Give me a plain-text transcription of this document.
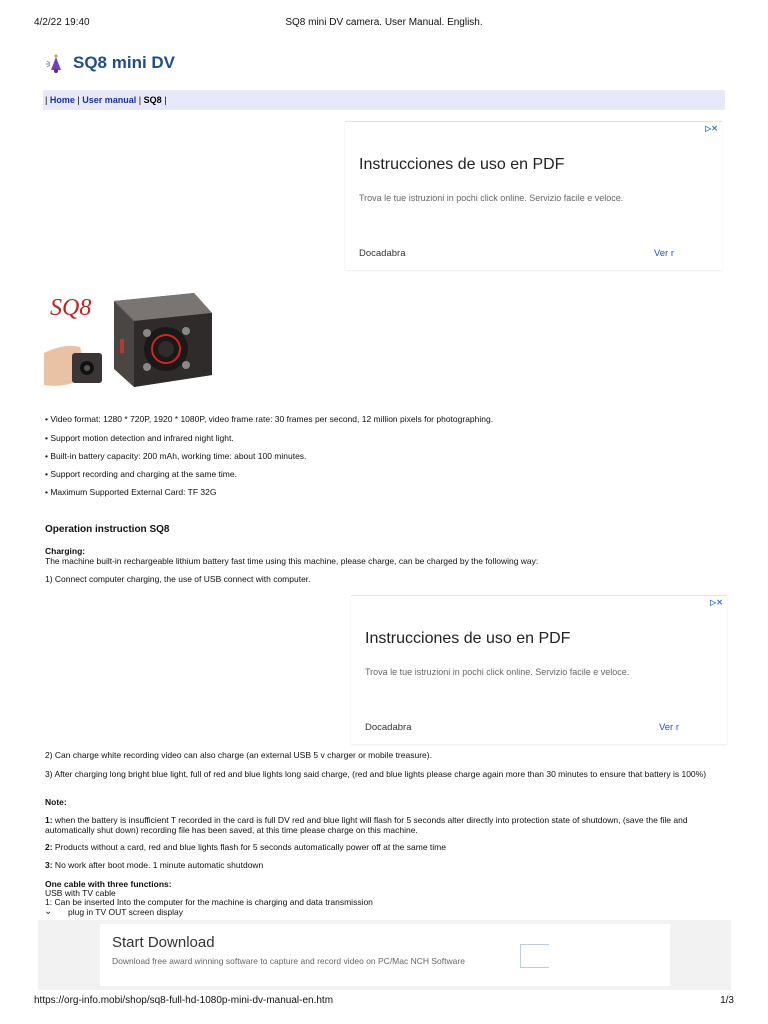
4/2/22 19:40	SQ8 mini DV camera. User Manual. English.
SQ8 mini DV
| Home | User manual | SQ8 |
▷✕
Instrucciones de uso en PDF
Trova le tue istruzioni in pochi click online. Servizio facile e veloce.
Docadabra	Ver r
SQ8
• Video format: 1280 * 720P, 1920 * 1080P, video frame rate: 30 frames per second, 12 million pixels for photographing.
• Support motion detection and infrared night light.
• Built-in battery capacity: 200 mAh, working time: about 100 minutes.
• Support recording and charging at the same time.
• Maximum Supported External Card: TF 32G
Operation instruction SQ8
Charging:
The machine built-in rechargeable lithium battery fast time using this machine, please charge, can be charged by the following way:
1) Connect computer charging, the use of USB connect with computer.
▷✕
Instrucciones de uso en PDF
Trova le tue istruzioni in pochi click online. Servizio facile e veloce.
Docadabra	Ver r
2) Can charge white recording video can also charge (an external USB 5 v charger or mobile treasure).
3) After charging long bright blue light, full of red and blue lights long said charge, (red and blue lights please charge again more than 30 minutes to ensure that battery is 100%)
Note:
1: when the battery is insufficient T recorded in the card is full DV red and blue light will flash for 5 seconds alter directly into protection state of shutdown, (save the file and automatically shut down) recording file has been saved, at this time please charge on this machine.
2: Products without a card, red and blue lights flash for 5 seconds automatically power off at the same time
3: No work after boot mode. 1 minute automatic shutdown
One cable with three functions:
USB with TV cable
1: Can be inserted Into the computer for the machine is charging and data transmission
plug in TV OUT screen display
⌄
Start Download
Download free award winning software to capture and record video on PC/Mac NCH Software
https://org-info.mobi/shop/sq8-full-hd-1080p-mini-dv-manual-en.htm	1/3
